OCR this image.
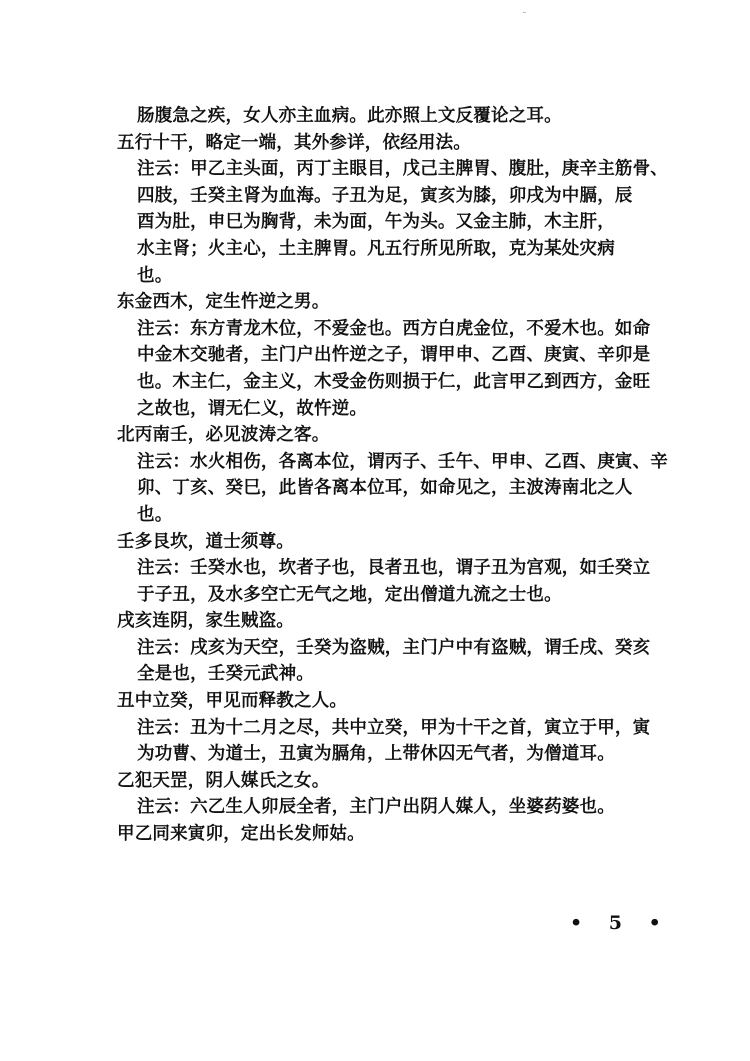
肠腹急之疾，女人亦主血病。此亦照上文反覆论之耳。
五行十干，略定一端，其外参详，依经用法。
注云：甲乙主头面，丙丁主眼目，戊己主脾胃、腹肚，庚辛主筋骨、
四肢，壬癸主肾为血海。子丑为足，寅亥为膝，卯戌为中膈，辰
酉为肚，申巳为胸背，未为面，午为头。又金主肺，木主肝，
水主肾；火主心，土主脾胃。凡五行所见所取，克为某处灾病
也。
东金西木，定生忤逆之男。
注云：东方青龙木位，不爱金也。西方白虎金位，不爱木也。如命
中金木交驰者，主门户出忤逆之子，谓甲申、乙酉、庚寅、辛卯是
也。木主仁，金主义，木受金伤则损于仁，此言甲乙到西方，金旺
之故也，谓无仁义，故忤逆。
北丙南壬，必见波涛之客。
注云：水火相伤，各离本位，谓丙子、壬午、甲申、乙酉、庚寅、辛
卯、丁亥、癸巳，此皆各离本位耳，如命见之，主波涛南北之人
也。
壬多艮坎，道士须尊。
注云：壬癸水也，坎者子也，艮者丑也，谓子丑为宫观，如壬癸立
于子丑，及水多空亡无气之地，定出僧道九流之士也。
戌亥连阴，家生贼盗。
注云：戌亥为天空，壬癸为盗贼，主门户中有盗贼，谓壬戌、癸亥
全是也，壬癸元武神。
丑中立癸，甲见而释教之人。
注云：丑为十二月之尽，共中立癸，甲为十干之首，寅立于甲，寅
为功曹、为道士，丑寅为膈角，上带休囚无气者，为僧道耳。
乙犯天罡，阴人媒氏之女。
注云：六乙生人卯辰全者，主门户出阴人媒人，坐婆药婆也。
甲乙同来寅卯，定出长发师姑。
• 5 •
